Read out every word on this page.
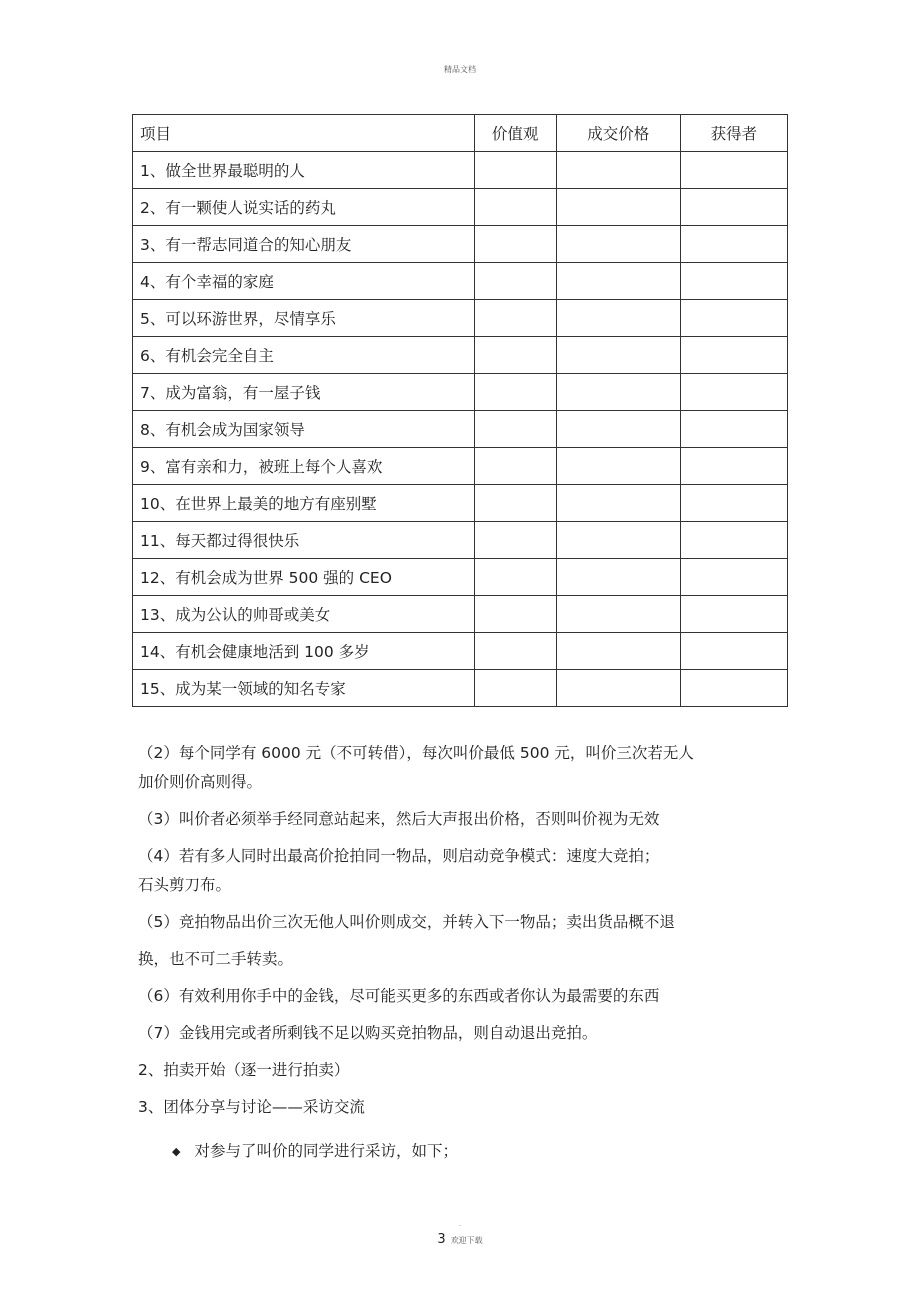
精品文档
项目	价值观	成交价格	获得者
1、做全世界最聪明的人			
2、有一颗使人说实话的药丸			
3、有一帮志同道合的知心朋友			
4、有个幸福的家庭			
5、可以环游世界，尽情享乐			
6、有机会完全自主			
7、成为富翁，有一屋子钱			
8、有机会成为国家领导			
9、富有亲和力，被班上每个人喜欢			
10、在世界上最美的地方有座别墅			
11、每天都过得很快乐			
12、有机会成为世界 500 强的 CEO			
13、成为公认的帅哥或美女			
14、有机会健康地活到 100 多岁			
15、成为某一领域的知名专家			

（2）每个同学有 6000 元（不可转借），每次叫价最低 500 元，叫价三次若无人

加价则价高则得。

（3）叫价者必须举手经同意站起来，然后大声报出价格，否则叫价视为无效

（4）若有多人同时出最高价抢拍同一物品，则启动竞争模式：速度大竞拍；

石头剪刀布。

（5）竞拍物品出价三次无他人叫价则成交，并转入下一物品；卖出货品概不退

换，也不可二手转卖。

（6）有效利用你手中的金钱，尽可能买更多的东西或者你认为最需要的东西

（7）金钱用完或者所剩钱不足以购买竞拍物品，则自动退出竞拍。

2、拍卖开始（逐一进行拍卖）

3、团体分享与讨论——采访交流

◆ 对参与了叫价的同学进行采访，如下；
.
3 欢迎下载
